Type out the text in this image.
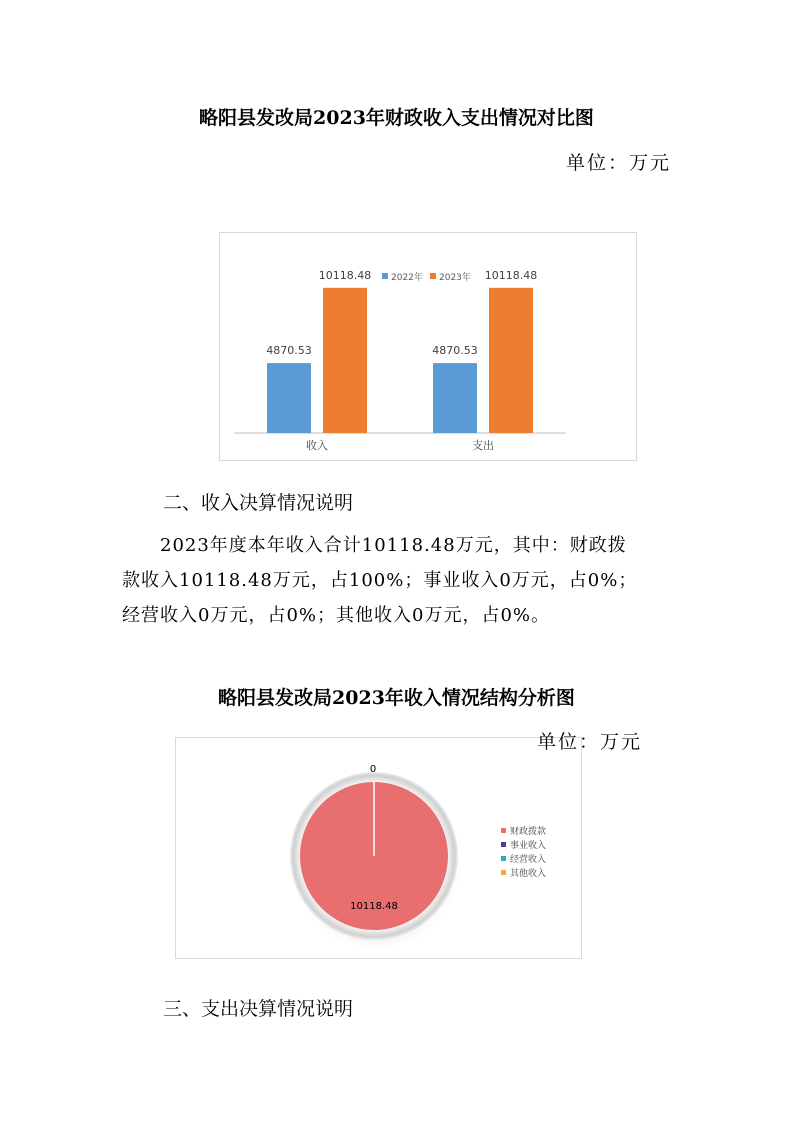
略阳县发改局2023年财政收入支出情况对比图
单位：万元
2022年 2023年
4870.53
10118.48
收入
4870.53
10118.48
支出
二、收入决算情况说明

2023年度本年收入合计10118.48万元，其中：财政拨

款收入10118.48万元，占100%；事业收入0万元，占0%；

经营收入0万元，占0%；其他收入0万元，占0%。

略阳县发改局2023年收入情况结构分析图
10118.48
0
财政拨款
事业收入
经营收入
其他收入
单位：万元
三、支出决算情况说明
